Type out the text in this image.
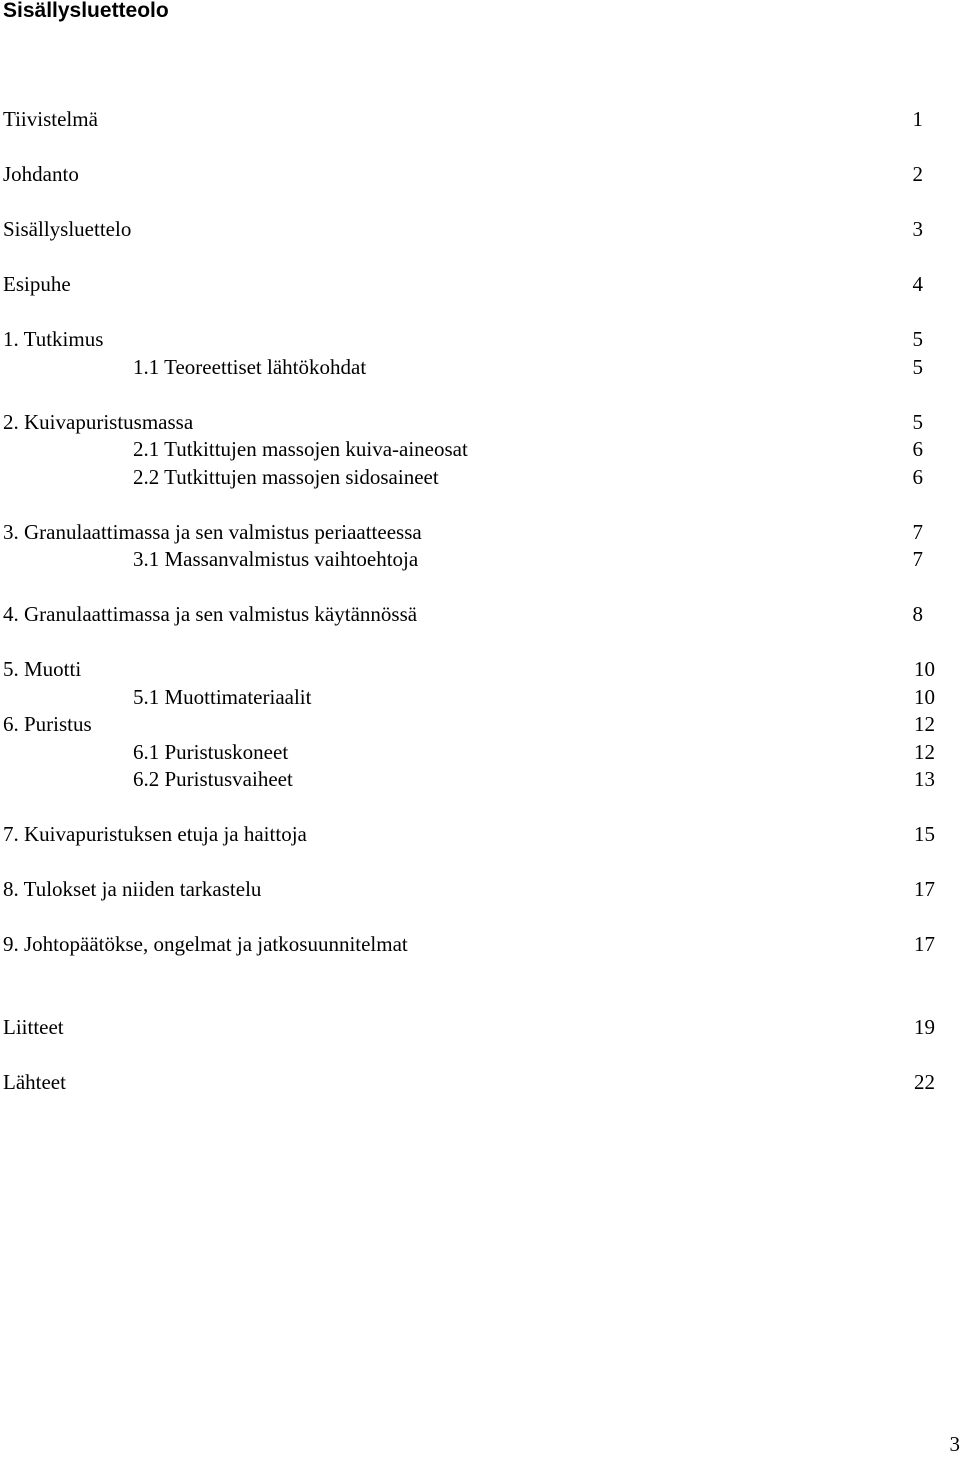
Sisällysluetteolo
Tiivistelmä	1
Johdanto	2
Sisällysluettelo	3
Esipuhe	4
1. Tutkimus	5
1.1 Teoreettiset lähtökohdat	5
2. Kuivapuristusmassa	5
2.1 Tutkittujen massojen kuiva-aineosat	6
2.2 Tutkittujen massojen sidosaineet	6
3. Granulaattimassa ja sen valmistus periaatteessa	7
3.1 Massanvalmistus vaihtoehtoja	7
4. Granulaattimassa ja sen valmistus käytännössä	8
5. Muotti	10
5.1 Muottimateriaalit	10
6. Puristus	12
6.1 Puristuskoneet	12
6.2 Puristusvaiheet	13
7. Kuivapuristuksen etuja ja haittoja	15
8. Tulokset ja niiden tarkastelu	17
9. Johtopäätökse, ongelmat ja jatkosuunnitelmat	17
Liitteet	19
Lähteet	22
3
